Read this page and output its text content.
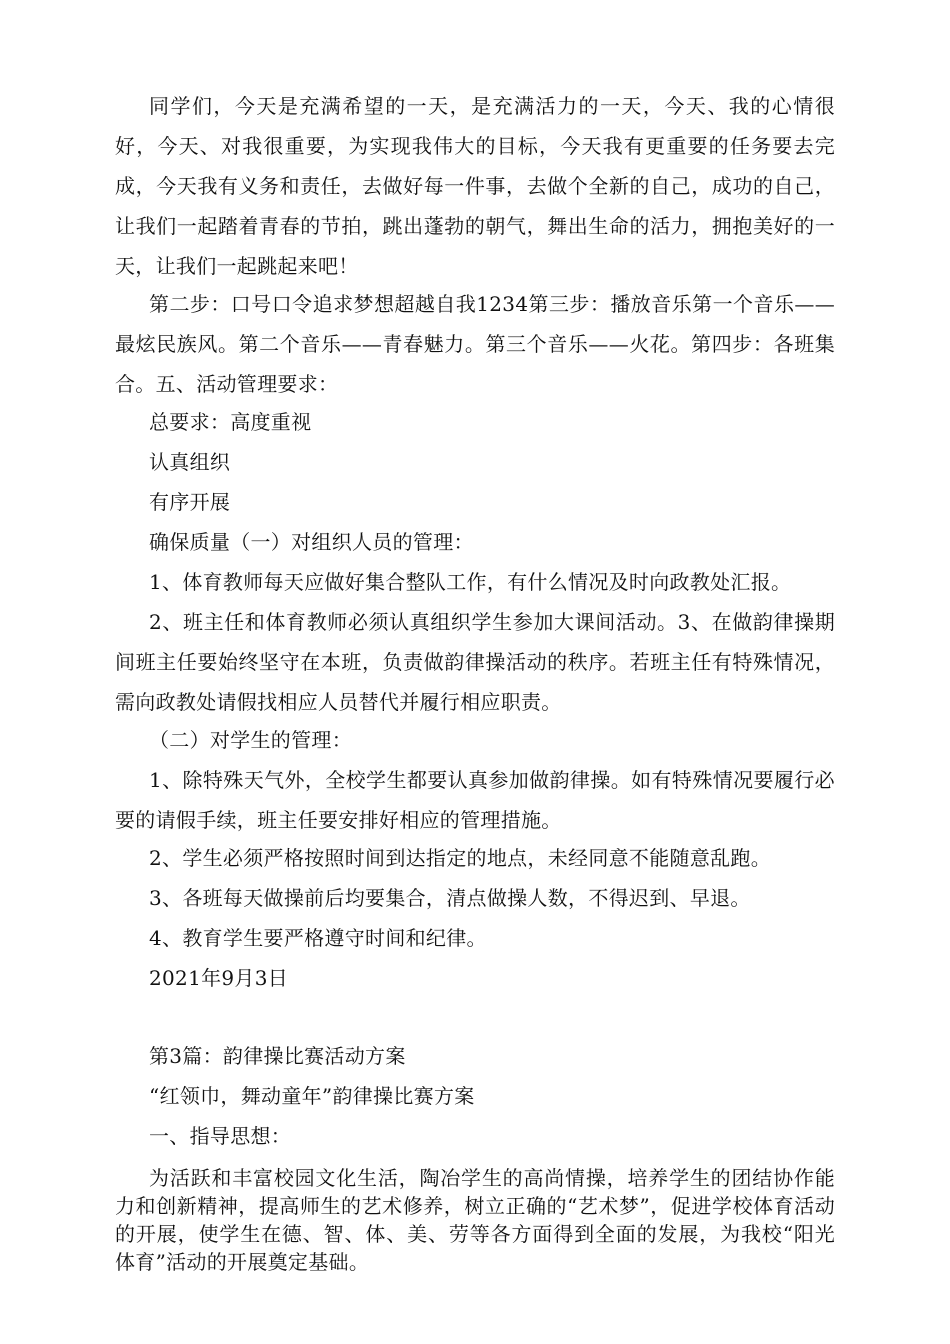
同学们，今天是充满希望的一天，是充满活力的一天，今天、我的心情很好，今天、对我很重要，为实现我伟大的目标，今天我有更重要的任务要去完成，今天我有义务和责任，去做好每一件事，去做个全新的自己，成功的自己，让我们一起踏着青春的节拍，跳出蓬勃的朝气，舞出生命的活力，拥抱美好的一天，让我们一起跳起来吧！

第二步：口号口令追求梦想超越自我1234第三步：播放音乐第一个音乐——最炫民族风。第二个音乐——青春魅力。第三个音乐——火花。第四步：各班集合。五、活动管理要求：

总要求：高度重视

认真组织

有序开展

确保质量（一）对组织人员的管理：

1、体育教师每天应做好集合整队工作，有什么情况及时向政教处汇报。

2、班主任和体育教师必须认真组织学生参加大课间活动。3、在做韵律操期间班主任要始终坚守在本班，负责做韵律操活动的秩序。若班主任有特殊情况，需向政教处请假找相应人员替代并履行相应职责。

（二）对学生的管理：

1、除特殊天气外，全校学生都要认真参加做韵律操。如有特殊情况要履行必要的请假手续，班主任要安排好相应的管理措施。

2、学生必须严格按照时间到达指定的地点，未经同意不能随意乱跑。

3、各班每天做操前后均要集合，清点做操人数，不得迟到、早退。

4、教育学生要严格遵守时间和纪律。

2021年9月3日

第3篇：韵律操比赛活动方案

“红领巾，舞动童年”韵律操比赛方案

一、指导思想：

为活跃和丰富校园文化生活，陶冶学生的高尚情操，培养学生的团结协作能力和创新精神，提高师生的艺术修养，树立正确的“艺术梦”，促进学校体育活动的开展，使学生在德、智、体、美、劳等各方面得到全面的发展，为我校“阳光体育”活动的开展奠定基础。
